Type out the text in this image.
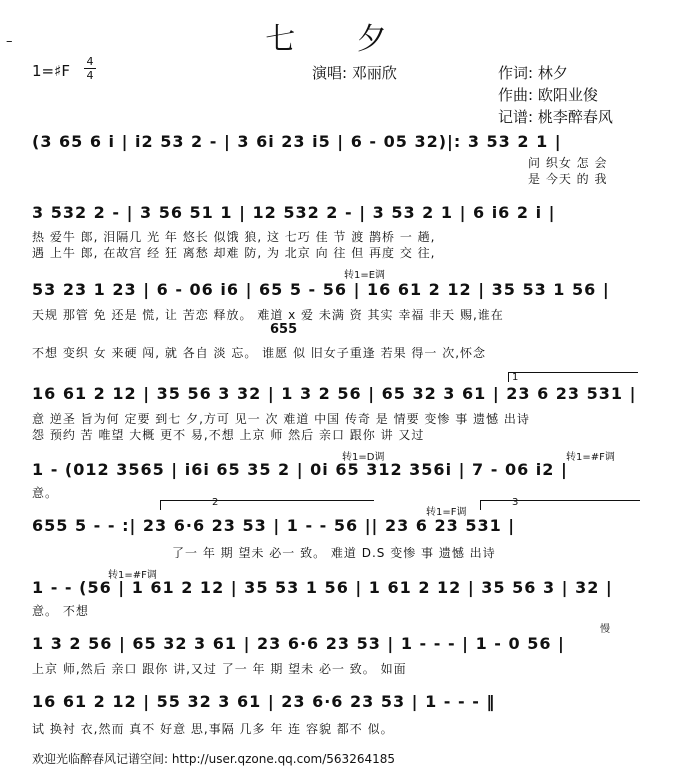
–	七 夕
1=♯F
4
4	演唱: 邓丽欣	作词: 林夕
作曲: 欧阳业俊
记谱: 桃李醉春风
(3 65 6 i | i2 53 2 - | 3 6i 23 i5 | 6 - 05 32)|: 3 53 2 1 |
问 织女 怎 会
是 今天 的 我
3 532 2 - | 3 56 51 1 | 12 532 2 - | 3 53 2 1 | 6 i6 2 i |
热 爱牛 郎, 泪隔几 光 年 悠长 似饿 狼, 这 七巧 佳 节 渡 鹊桥 一 趟,
遇 上牛 郎, 在故宫 经 狂 离愁 却难 防, 为 北京 向 往 但 再度 交 往,
转1=E调
53 23 1 23 | 6 - 06 i6 | 65 5 - 56 | 16 61 2 12 | 35 53 1 56 |
天规 那管 免 还是 慌, 让 苦恋 释放。 难道 ⅹ 爱 未满 资 其实 幸福 非天 赐,谁在
655
不想 变织 女 来硬 闯, 就 各自 淡 忘。 谁愿 似 旧女子重逢 若果 得一 次,怀念
1
16 61 2 12 | 35 56 3 32 | 1 3 2 56 | 65 32 3 61 | 23 6 23 531 |
意 逆圣 旨为何 定要 到七 夕,方可 见一 次 难道 中国 传奇 是 情要 变惨 事 遗憾 出诗
怨 预约 苦 唯望 大概 更不 易,不想 上京 师 然后 亲口 跟你 讲 又过
转1=D调	转1=#F调
1 - (012 3565 | i6i 65 35 2 | 0i 65 312 356i | 7 - 06 i2 |
意。
2	3
转1=F调
655 5 - - :| 23 6·6 23 53 | 1 - - 56 || 23 6 23 531 |
了一 年 期 望未 必一 致。 难道 D.S 变惨 事 遗憾 出诗
转1=#F调
1 - - (56 | 1 61 2 12 | 35 53 1 56 | 1 61 2 12 | 35 56 3 | 32 |
意。 不想
慢
1 3 2 56 | 65 32 3 61 | 23 6·6 23 53 | 1 - - - | 1 - 0 56 |
上京 师,然后 亲口 跟你 讲,又过 了一 年 期 望未 必一 致。 如面
16 61 2 12 | 55 32 3 61 | 23 6·6 23 53 | 1 - - - ‖
试 换衬 衣,然而 真不 好意 思,事隔 几多 年 连 容貌 都不 似。
欢迎光临醉春风记谱空间: http://user.qzone.qq.com/563264185
